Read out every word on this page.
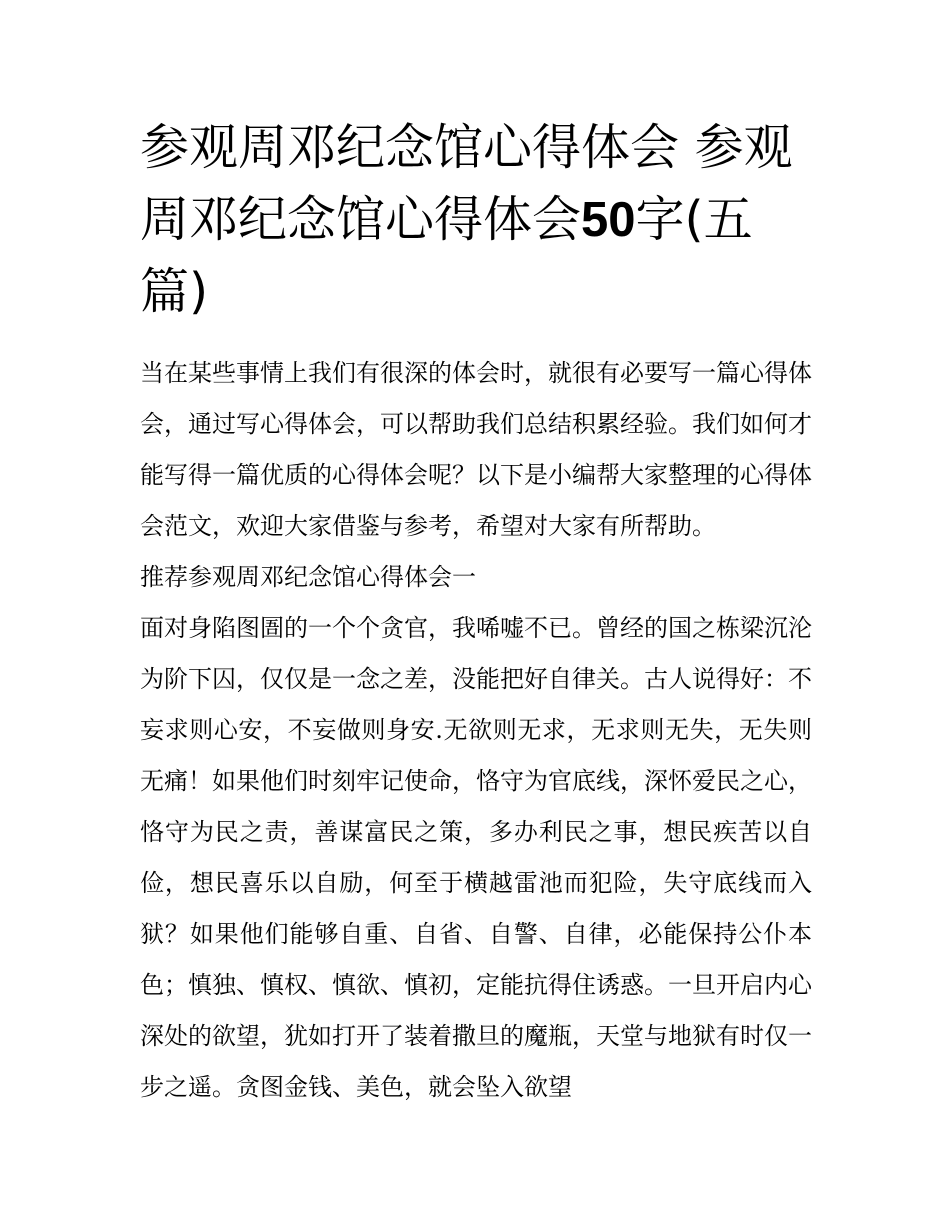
参观周邓纪念馆心得体会 参观周邓纪念馆心得体会50字(五篇)

当在某些事情上我们有很深的体会时，就很有必要写一篇心得体会，通过写心得体会，可以帮助我们总结积累经验。我们如何才能写得一篇优质的心得体会呢？以下是小编帮大家整理的心得体会范文，欢迎大家借鉴与参考，希望对大家有所帮助。

推荐参观周邓纪念馆心得体会一

面对身陷图圄的一个个贪官，我唏嘘不已。曾经的国之栋梁沉沦为阶下囚，仅仅是一念之差，没能把好自律关。古人说得好：不妄求则心安，不妄做则身安.无欲则无求，无求则无失，无失则无痛！如果他们时刻牢记使命，恪守为官底线，深怀爱民之心，恪守为民之责，善谋富民之策，多办利民之事，想民疾苦以自俭，想民喜乐以自励，何至于横越雷池而犯险，失守底线而入狱？如果他们能够自重、自省、自警、自律，必能保持公仆本色；慎独、慎权、慎欲、慎初，定能抗得住诱惑。一旦开启内心深处的欲望，犹如打开了装着撒旦的魔瓶，天堂与地狱有时仅一步之遥。贪图金钱、美色，就会坠入欲望
